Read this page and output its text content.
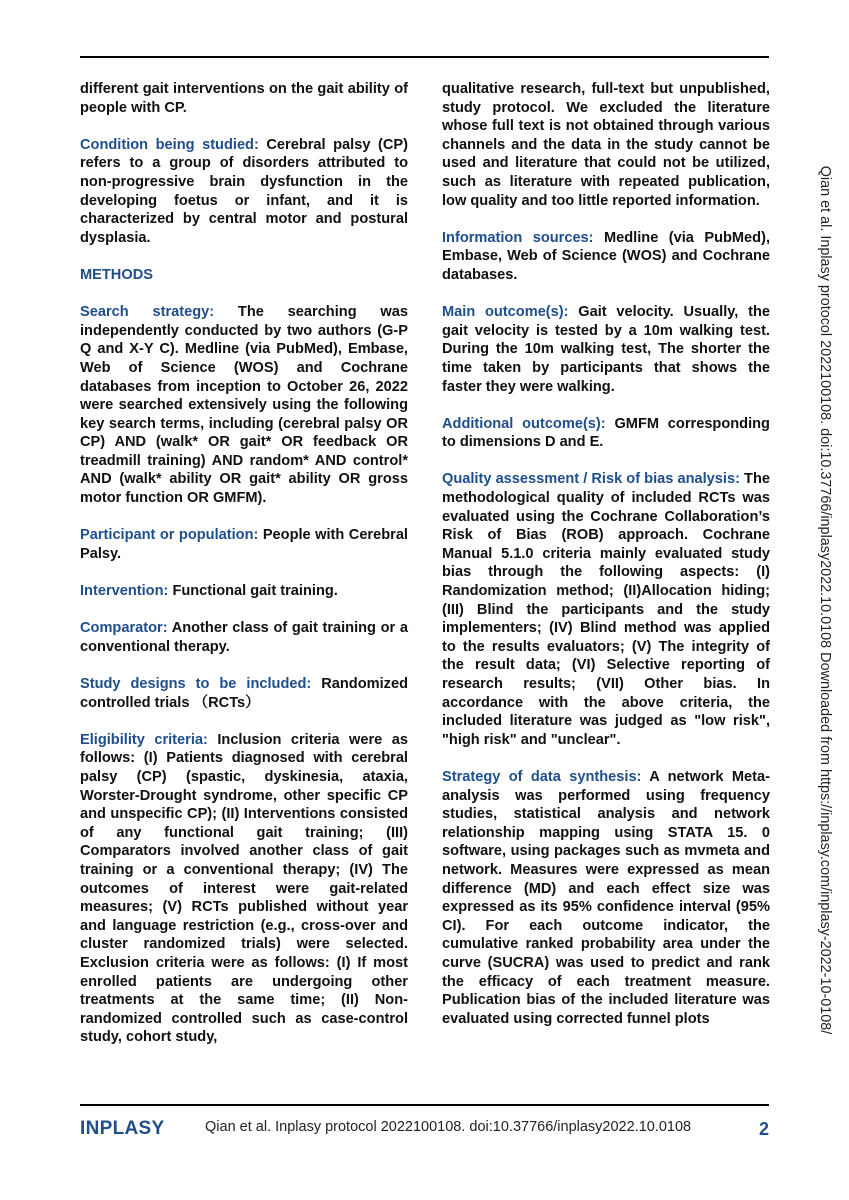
different gait interventions on the gait ability of people with CP.

Condition being studied: Cerebral palsy (CP) refers to a group of disorders attributed to non-progressive brain dysfunction in the developing foetus or infant, and it is characterized by central motor and postural dysplasia.

METHODS

Search strategy: The searching was independently conducted by two authors (G-P Q and X-Y C). Medline (via PubMed), Embase, Web of Science (WOS) and Cochrane databases from inception to October 26, 2022 were searched extensively using the following key search terms, including (cerebral palsy OR CP) AND (walk* OR gait* OR feedback OR treadmill training) AND random* AND control* AND (walk* ability OR gait* ability OR gross motor function OR GMFM).

Participant or population: People with Cerebral Palsy.

Intervention: Functional gait training.

Comparator: Another class of gait training or a conventional therapy.

Study designs to be included: Randomized controlled trials （RCTs）

Eligibility criteria: Inclusion criteria were as follows: (I) Patients diagnosed with cerebral palsy (CP) (spastic, dyskinesia, ataxia, Worster-Drought syndrome, other specific CP and unspecific CP); (II) Interventions consisted of any functional gait training; (III) Comparators involved another class of gait training or a conventional therapy; (IV) The outcomes of interest were gait-related measures; (V) RCTs published without year and language restriction (e.g., cross-over and cluster randomized trials) were selected. Exclusion criteria were as follows: (I) If most enrolled patients are undergoing other treatments at the same time; (II) Non-randomized controlled such as case-control study, cohort study,

qualitative research, full-text but unpublished, study protocol. We excluded the literature whose full text is not obtained through various channels and the data in the study cannot be used and literature that could not be utilized, such as literature with repeated publication, low quality and too little reported information.

Information sources: Medline (via PubMed), Embase, Web of Science (WOS) and Cochrane databases.

Main outcome(s): Gait velocity. Usually, the gait velocity is tested by a 10m walking test. During the 10m walking test, The shorter the time taken by participants that shows the faster they were walking.

Additional outcome(s): GMFM corresponding to dimensions D and E.

Quality assessment / Risk of bias analysis: The methodological quality of included RCTs was evaluated using the Cochrane Collaboration’s Risk of Bias (ROB) approach. Cochrane Manual 5.1.0 criteria mainly evaluated study bias through the following aspects: (I) Randomization method; (II)Allocation hiding; (III) Blind the participants and the study implementers; (IV) Blind method was applied to the results evaluators; (V) The integrity of the result data; (VI) Selective reporting of research results; (VII) Other bias. In accordance with the above criteria, the included literature was judged as "low risk", "high risk" and "unclear".

Strategy of data synthesis: A network Meta-analysis was performed using frequency studies, statistical analysis and network relationship mapping using STATA 15. 0 software, using packages such as mvmeta and network. Measures were expressed as mean difference (MD) and each effect size was expressed as its 95% confidence interval (95% CI). For each outcome indicator, the cumulative ranked probability area under the curve (SUCRA) was used to predict and rank the efficacy of each treatment measure. Publication bias of the included literature was evaluated using corrected funnel plots	Qian et al. Inplasy protocol 2022100108. doi:10.37766/inplasy2022.10.0108 Downloaded from https://inplasy.com/inplasy-2022-10-0108/
INPLASY	Qian et al. Inplasy protocol 2022100108. doi:10.37766/inplasy2022.10.0108	2
